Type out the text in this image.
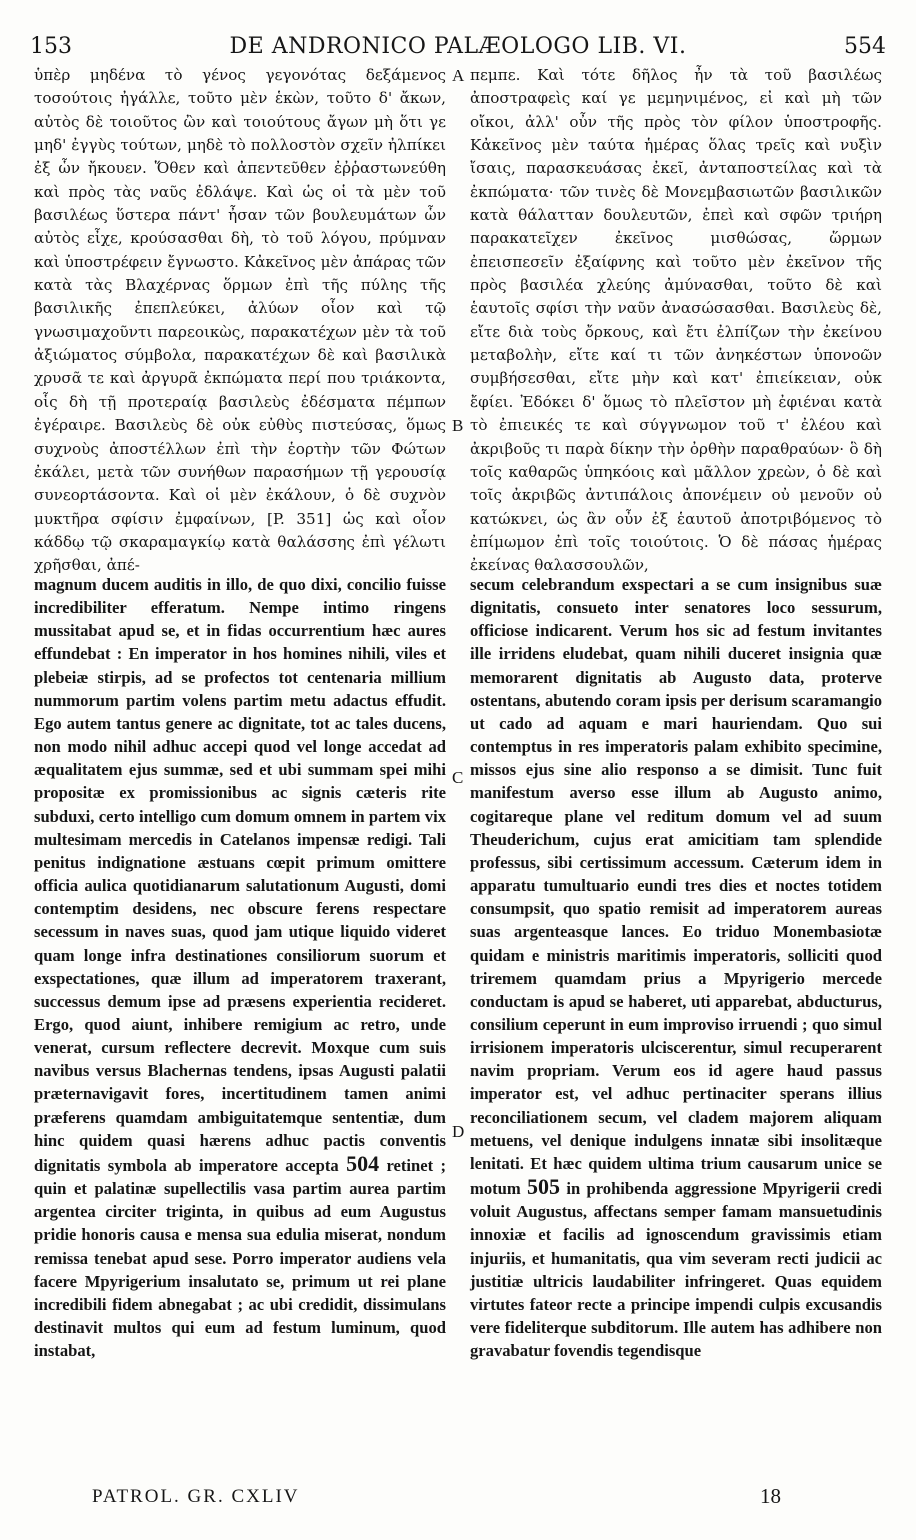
153	DE ANDRONICO PALÆOLOGO LIB. VI.	554
ὑπὲρ μηδένα τὸ γένος γεγονότας δεξάμενος τοσούτοις ἠγάλλε, τοῦτο μὲν ἑκὼν, τοῦτο δ' ἄκων, αὐτὸς δὲ τοιοῦτος ὢν καὶ τοιούτους ἄγων μὴ ὅτι γε μηδ' ἐγγὺς τούτων, μηδὲ τὸ πολλοστὸν σχεῖν ἠλπίκει ἐξ ὧν ἤκουεν. Ὅθεν καὶ ἀπεντεῦθεν ἐῤῥαστωνεύθη καὶ πρὸς τὰς ναῦς ἐδλάψε. Καὶ ὡς οἱ τὰ μὲν τοῦ βασιλέως ὕστερα πάντ' ἦσαν τῶν βουλευμάτων ὧν αὐτὸς εἶχε, κρούσασθαι δὴ, τὸ τοῦ λόγου, πρύμναν καὶ ὑποστρέφειν ἔγνωστο. Κἀκεῖνος μὲν ἀπάρας τῶν κατὰ τὰς Βλαχέρνας ὅρμων ἐπὶ τῆς πύλης τῆς βασιλικῆς ἐπεπλεύκει, ἀλύων οἷον καὶ τῷ γνωσιμαχοῦντι παρεοικὼς, παρακατέχων μὲν τὰ τοῦ ἀξιώματος σύμβολα, παρακατέχων δὲ καὶ βασιλικὰ χρυσᾶ τε καὶ ἀργυρᾶ ἐκπώματα περί που τριάκοντα, οἷς δὴ τῇ προτεραίᾳ βασιλεὺς ἐδέσματα πέμπων ἐγέραιρε. Βασιλεὺς δὲ οὐκ εὐθὺς πιστεύσας, ὅμως συχνοὺς ἀποστέλλων ἐπὶ τὴν ἑορτὴν τῶν Φώτων ἐκάλει, μετὰ τῶν συνήθων παρασήμων τῇ γερουσίᾳ συνεορτάσοντα. Καὶ οἱ μὲν ἐκάλουν, ὁ δὲ συχνὸν μυκτῆρα σφίσιν ἐμφαίνων, [P. 351] ὡς καὶ οἷον κάδδῳ τῷ σκαραμαγκίῳ κατὰ θαλάσσης ἐπὶ γέλωτι χρῆσθαι, ἀπέ-
πεμπε. Καὶ τότε δῆλος ἦν τὰ τοῦ βασιλέως ἀποστραφεὶς καί γε μεμηνιμένος, εἰ καὶ μὴ τῶν οἴκοι, ἀλλ' οὖν τῆς πρὸς τὸν φίλον ὑποστροφῆς. Κἀκεῖνος μὲν ταύτα ἡμέρας ὅλας τρεῖς καὶ νυξὶν ἴσαις, παρασκευάσας ἐκεῖ, ἀνταποστείλας καὶ τὰ ἐκπώματα· τῶν τινὲς δὲ Μονεμβασιωτῶν βασιλικῶν κατὰ θάλατταν δουλευτῶν, ἐπεὶ καὶ σφῶν τριήρη παρακατεῖχεν ἐκεῖνος μισθώσας, ὥρμων ἐπεισπεσεῖν ἐξαίφνης καὶ τοῦτο μὲν ἐκεῖνον τῆς πρὸς βασιλέα χλεύης ἀμύνασθαι, τοῦτο δὲ καὶ ἑαυτοῖς σφίσι τὴν ναῦν ἀνασώσασθαι. Βασιλεὺς δὲ, εἴτε διὰ τοὺς ὄρκους, καὶ ἔτι ἐλπίζων τὴν ἐκείνου μεταβολὴν, εἴτε καί τι τῶν ἀνηκέστων ὑπονοῶν συμβήσεσθαι, εἴτε μὴν καὶ κατ' ἐπιείκειαν, οὐκ ἔφίει. Ἐδόκει δ' ὅμως τὸ πλεῖστον μὴ ἐφιέναι κατὰ τὸ ἐπιεικές τε καὶ σύγγνωμον τοῦ τ' ἐλέου καὶ ἀκριβοῦς τι παρὰ δίκην τὴν ὀρθὴν παραθραύων· ὃ δὴ τοῖς καθαρῶς ὑπηκόοις καὶ μᾶλλον χρεὼν, ὁ δὲ καὶ τοῖς ἀκριβῶς ἀντιπάλοις ἀπονέμειν οὐ μενοῦν οὐ κατώκνει, ὡς ἂν οὖν ἐξ ἑαυτοῦ ἀποτριβόμενος τὸ ἐπίμωμον ἐπὶ τοῖς τοιούτοις. Ὁ δὲ πάσας ἡμέρας ἐκείνας θαλασσουλῶν,
A
B
C
D
magnum ducem auditis in illo, de quo dixi, concilio fuisse incredibiliter efferatum. Nempe intimo ringens mussitabat apud se, et in fidas occurrentium hæc aures effundebat : En imperator in hos homines nihili, viles et plebeiæ stirpis, ad se profectos tot centenaria millium nummorum partim volens partim metu adactus effudit. Ego autem tantus genere ac dignitate, tot ac tales ducens, non modo nihil adhuc accepi quod vel longe accedat ad æqualitatem ejus summæ, sed et ubi summam spei mihi propositæ ex promissionibus ac signis cæteris rite subduxi, certo intelligo cum domum omnem in partem vix multesimam mercedis in Catelanos impensæ redigi. Tali penitus indignatione æstuans cœpit primum omittere officia aulica quotidianarum salutationum Augusti, domi contemptim desidens, nec obscure ferens respectare secessum in naves suas, quod jam utique liquido videret quam longe infra destinationes consiliorum suorum et exspectationes, quæ illum ad imperatorem traxerant, successus demum ipse ad præsens experientia recideret. Ergo, quod aiunt, inhibere remigium ac retro, unde venerat, cursum reflectere decrevit. Moxque cum suis navibus versus Blachernas tendens, ipsas Augusti palatii præternavigavit fores, incertitudinem tamen animi præferens quamdam ambiguitatemque sententiæ, dum hinc quidem quasi hærens adhuc pactis conventis dignitatis symbola ab imperatore accepta 504 retinet ; quin et palatinæ supellectilis vasa partim aurea partim argentea circiter triginta, in quibus ad eum Augustus pridie honoris causa e mensa sua edulia miserat, nondum remissa tenebat apud sese. Porro imperator audiens vela facere Mpyrigerium insalutato se, primum ut rei plane incredibili fidem abnegabat ; ac ubi credidit, dissimulans destinavit multos qui eum ad festum luminum, quod instabat,
secum celebrandum exspectari a se cum insignibus suæ dignitatis, consueto inter senatores loco sessurum, officiose indicarent. Verum hos sic ad festum invitantes ille irridens eludebat, quam nihili duceret insignia quæ memorarent dignitatis ab Augusto data, proterve ostentans, abutendo coram ipsis per derisum scaramangio ut cado ad aquam e mari hauriendam. Quo sui contemptus in res imperatoris palam exhibito specimine, missos ejus sine alio responso a se dimisit. Tunc fuit manifestum averso esse illum ab Augusto animo, cogitareque plane vel reditum domum vel ad suum Theuderichum, cujus erat amicitiam tam splendide professus, sibi certissimum accessum. Cæterum idem in apparatu tumultuario eundi tres dies et noctes totidem consumpsit, quo spatio remisit ad imperatorem aureas suas argenteasque lances. Eo triduo Monembasiotæ quidam e ministris maritimis imperatoris, solliciti quod triremem quamdam prius a Mpyrigerio mercede conductam is apud se haberet, uti apparebat, abducturus, consilium ceperunt in eum improviso irruendi ; quo simul irrisionem imperatoris ulciscerentur, simul recuperarent navim propriam. Verum eos id agere haud passus imperator est, vel adhuc pertinaciter sperans illius reconciliationem secum, vel cladem majorem aliquam metuens, vel denique indulgens innatæ sibi insolitæque lenitati. Et hæc quidem ultima trium causarum unice se motum 505 in prohibenda aggressione Mpyrigerii credi voluit Augustus, affectans semper famam mansuetudinis innoxiæ et facilis ad ignoscendum gravissimis etiam injuriis, et humanitatis, qua vim severam recti judicii ac justitiæ ultricis laudabiliter infringeret. Quas equidem virtutes fateor recte a principe impendi culpis excusandis vere fideliterque subditorum. Ille autem has adhibere non gravabatur fovendis tegendisque
PATROL. GR. CXLIV	18
